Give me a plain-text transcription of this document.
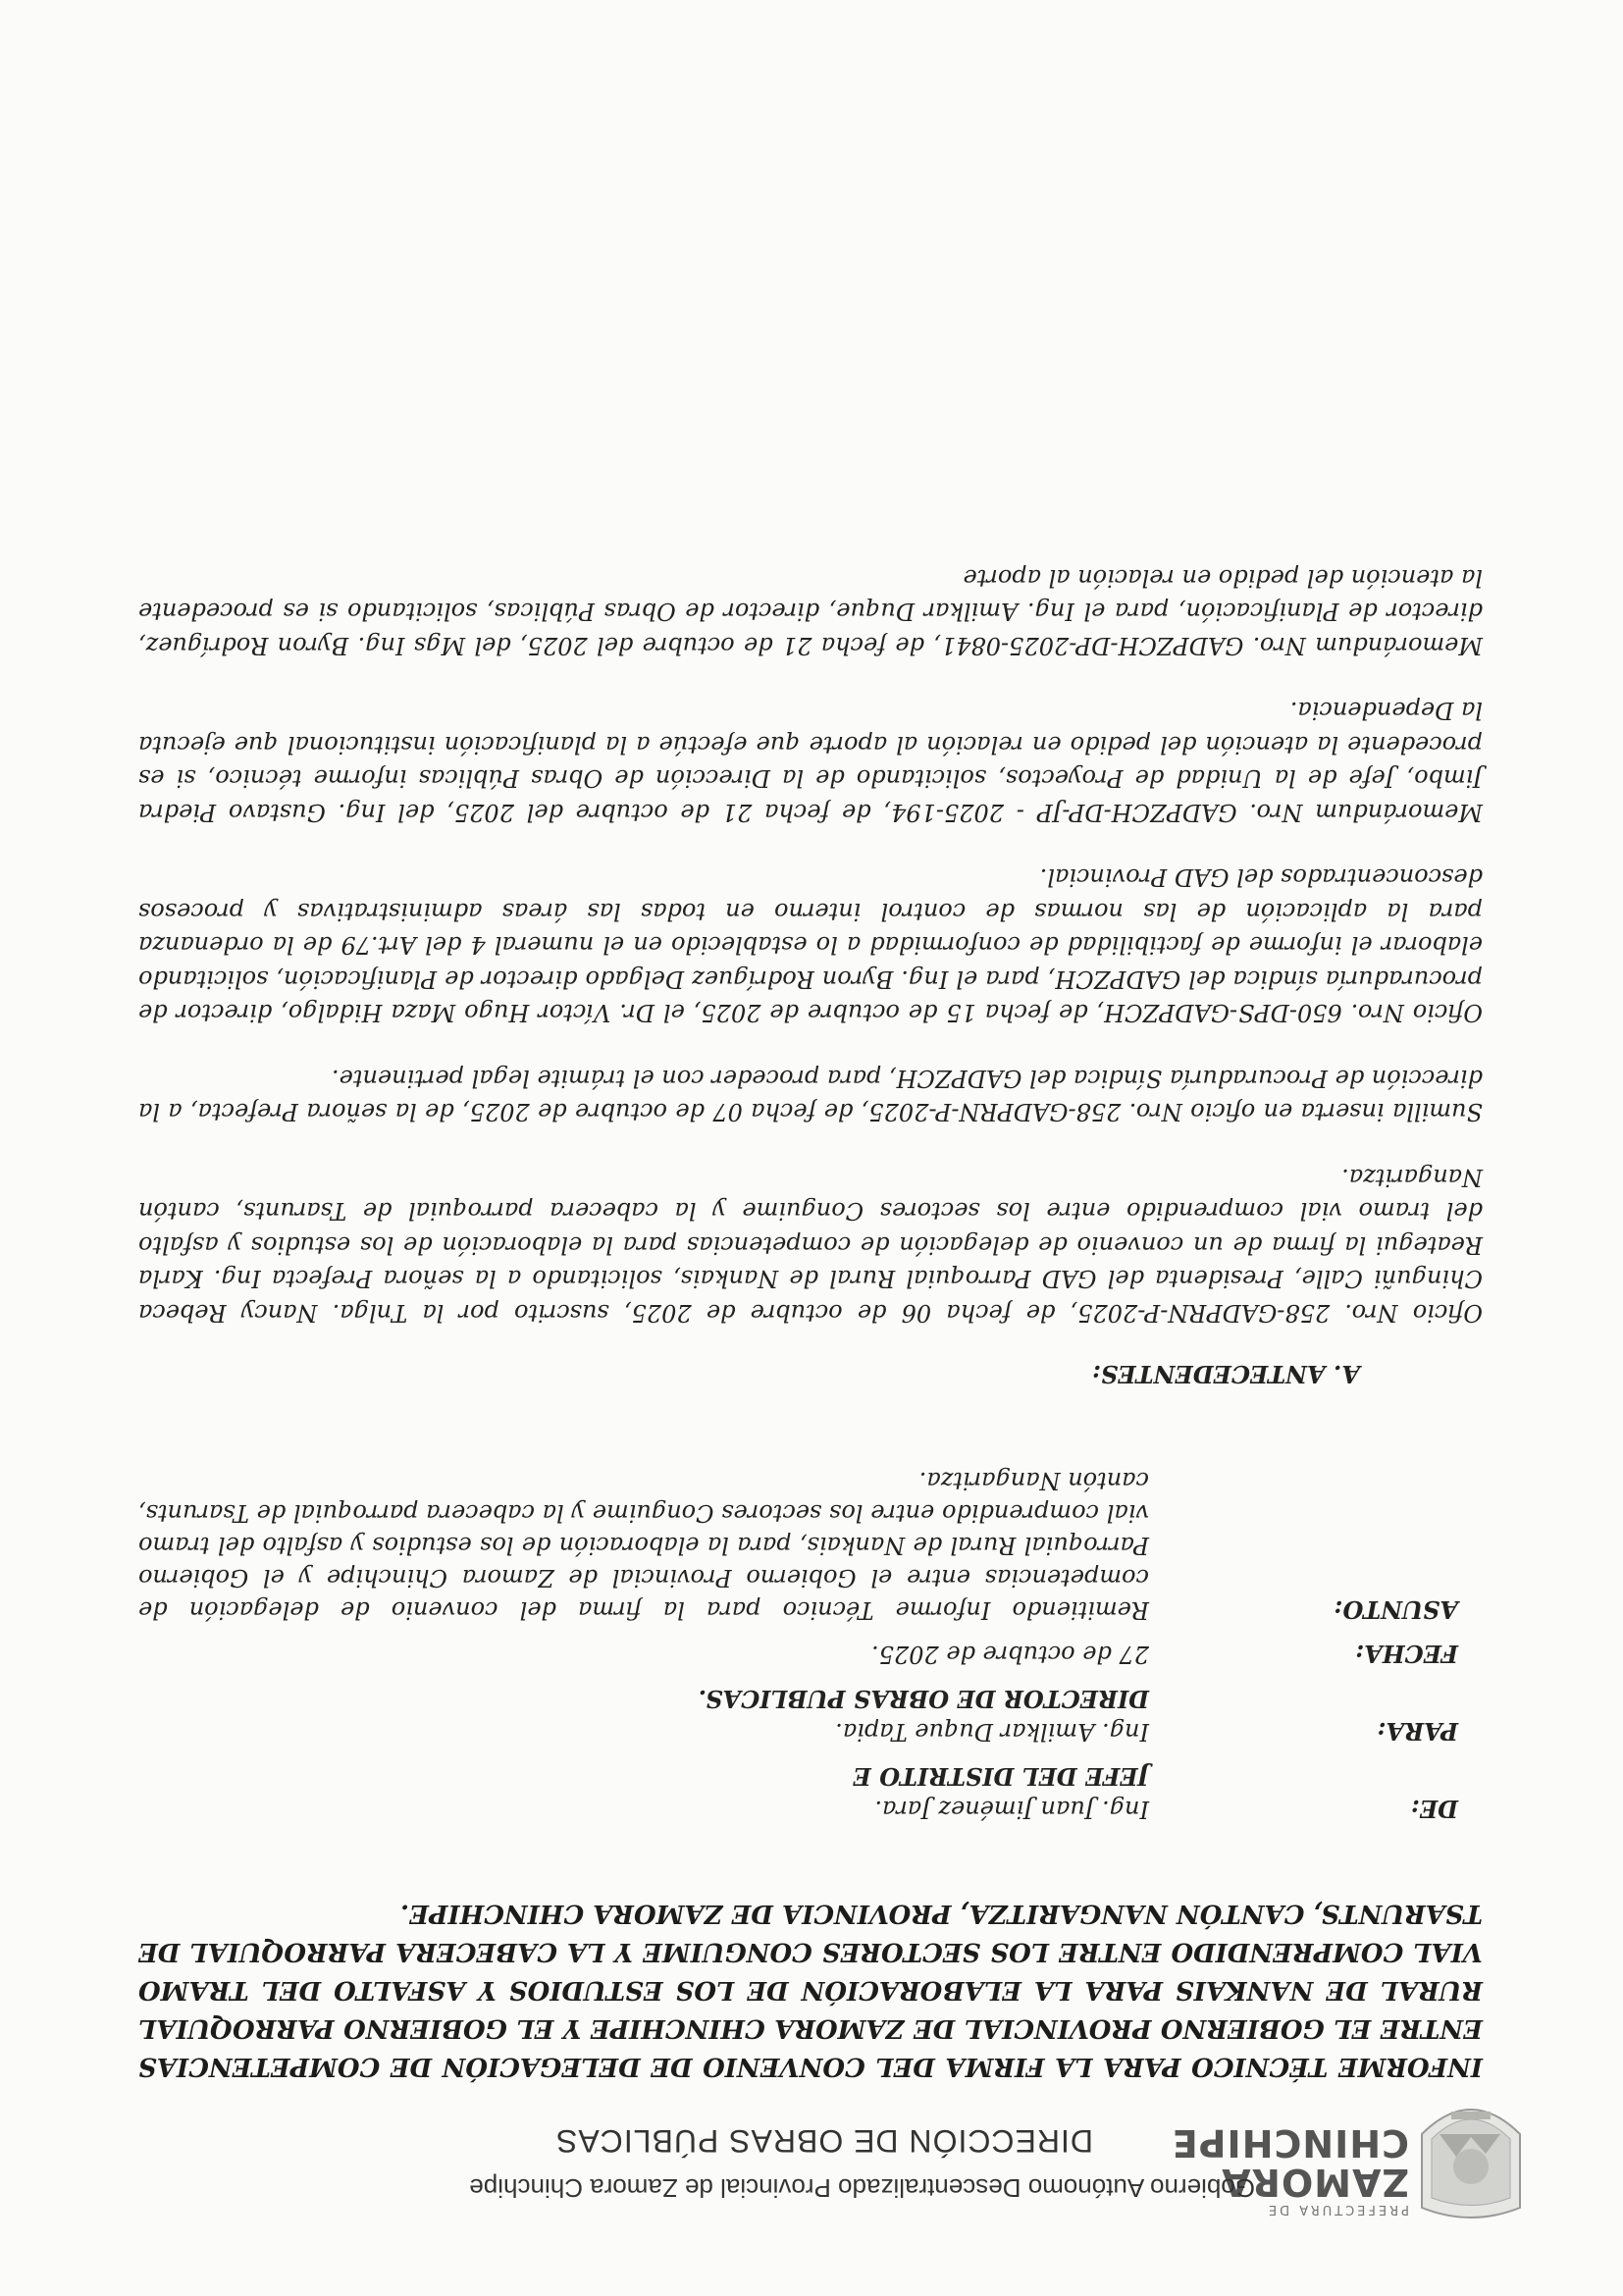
PREFECTURA DE
ZAMORA
CHINCHIPE
Gobierno Autónomo Descentralizado Provincial de Zamora Chinchipe
DIRECCIÓN DE OBRAS PÚBLICAS
INFORME TÉCNICO PARA LA FIRMA DEL CONVENIO DE DELEGACIÓN DE COMPETENCIAS ENTRE EL GOBIERNO PROVINCIAL DE ZAMORA CHINCHIPE Y EL GOBIERNO PARROQUIAL RURAL DE NANKAIS PARA LA ELABORACIÓN DE LOS ESTUDIOS Y ASFALTO DEL TRAMO VIAL COMPRENDIDO ENTRE LOS SECTORES CONGUIME Y LA CABECERA PARROQUIAL DE TSARUNTS, CANTÓN NANGARITZA, PROVINCIA DE ZAMORA CHINCHIPE.
DE:
Ing. Juan Jiménez Jara.
JEFE DEL DISTRITO E
PARA:
Ing. Amilkar Duque Tapia.
DIRECTOR DE OBRAS PUBLICAS.
FECHA:
27 de octubre de 2025.
ASUNTO:
Remitiendo Informe Técnico para la firma del convenio de delegación de competencias entre el Gobierno Provincial de Zamora Chinchipe y el Gobierno Parroquial Rural de Nankais, para la elaboración de los estudios y asfalto del tramo vial comprendido entre los sectores Conguime y la cabecera parroquial de Tsarunts, cantón Nangaritza.
A. ANTECEDENTES:

Oficio Nro. 258-GADPRN-P-2025, de fecha 06 de octubre de 2025, suscrito por la Tnlga. Nancy Rebeca Chinguñi Calle, Presidenta del GAD Parroquial Rural de Nankais, solicitando a la señora Prefecta Ing. Karla Reategui la firma de un convenio de delegación de competencias para la elaboración de los estudios y asfalto del tramo vial comprendido entre los sectores Conguime y la cabecera parroquial de Tsarunts, cantón Nangaritza.

Sumilla inserta en oficio Nro. 258-GADPRN-P-2025, de fecha 07 de octubre de 2025, de la señora Prefecta, a la dirección de Procuraduría Síndica del GADPZCH, para proceder con el trámite legal pertinente.

Oficio Nro. 650-DPS-GADPZCH, de fecha 15 de octubre de 2025, el Dr. Víctor Hugo Maza Hidalgo, director de procuraduría síndica del GADPZCH, para el Ing. Byron Rodríguez Delgado director de Planificación, solicitando elaborar el informe de factibilidad de conformidad a lo establecido en el numeral 4 del Art.79 de la ordenanza para la aplicación de las normas de control interno en todas las áreas administrativas y procesos desconcentrados del GAD Provincial.

Memorándum Nro. GADPZCH-DP-JP - 2025-194, de fecha 21 de octubre del 2025, del Ing. Gustavo Piedra Jimbo, Jefe de la Unidad de Proyectos, solicitando de la Dirección de Obras Públicas informe técnico, si es procedente la atención del pedido en relación al aporte que efectúe a la planificación institucional que ejecuta la Dependencia.

Memorándum Nro. GADPZCH-DP-2025-0841, de fecha 21 de octubre del 2025, del Mgs Ing. Byron Rodríguez, director de Planificación, para el Ing. Amilkar Duque, director de Obras Públicas, solicitando si es procedente la atención del pedido en relación al aporte
